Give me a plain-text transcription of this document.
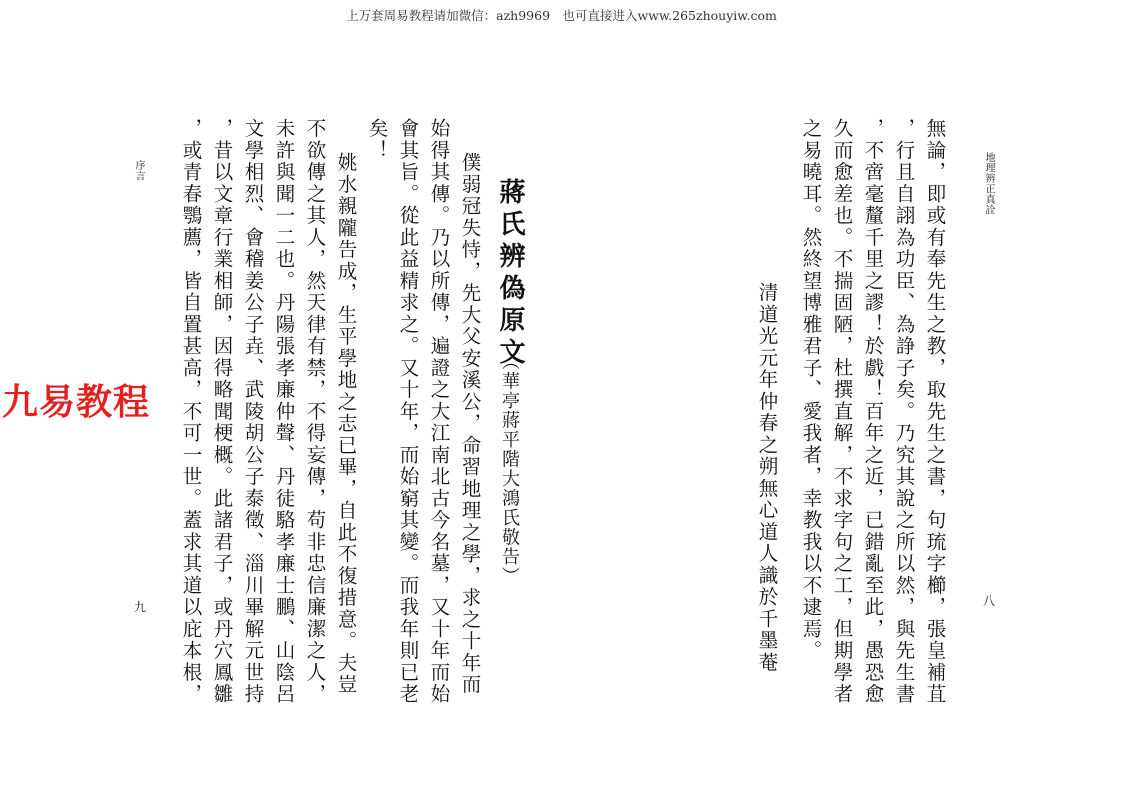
上万套周易教程请加微信：azh9969　也可直接进入www.265zhouyiw.com
地理辨正真詮
八
無論，即或有奉先生之教，取先生之書，句琉字櫛，張皇補苴
，行且自詡為功臣、為諍子矣。乃究其說之所以然，與先生書
，不啻毫釐千里之謬！於戲！百年之近，已錯亂至此，愚恐愈
久而愈差也。不揣固陋，杜撰直解，不求字句之工，但期學者
之易曉耳。然終望博雅君子、愛我者，幸教我以不逮焉。
清道光元年仲春之朔無心道人識於千墨菴
蔣氏辨偽原文
（華亭蔣平階大鴻氏敬告）
僕弱冠失恃，先大父安溪公，命習地理之學，求之十年而
始得其傳。乃以所傳，遍證之大江南北古今名墓，又十年而始
會其旨。從此益精求之。又十年，而始窮其變。而我年則已老
矣！
姚水親隴告成，生平學地之志已畢，自此不復措意。夫豈
不欲傳之其人，然天律有禁，不得妄傳，苟非忠信廉潔之人，
未許與聞一二也。丹陽張孝廉仲聲、丹徒駱孝廉士鵬、山陰呂
文學相烈、會稽姜公子垚、武陵胡公子泰徵、淄川畢解元世持
，昔以文章行業相師，因得略聞梗概。此諸君子，或丹穴鳳雛
，或青春鶚薦，皆自置甚高，不可一世。蓋求其道以庇本根，
序言
九
九易教程
